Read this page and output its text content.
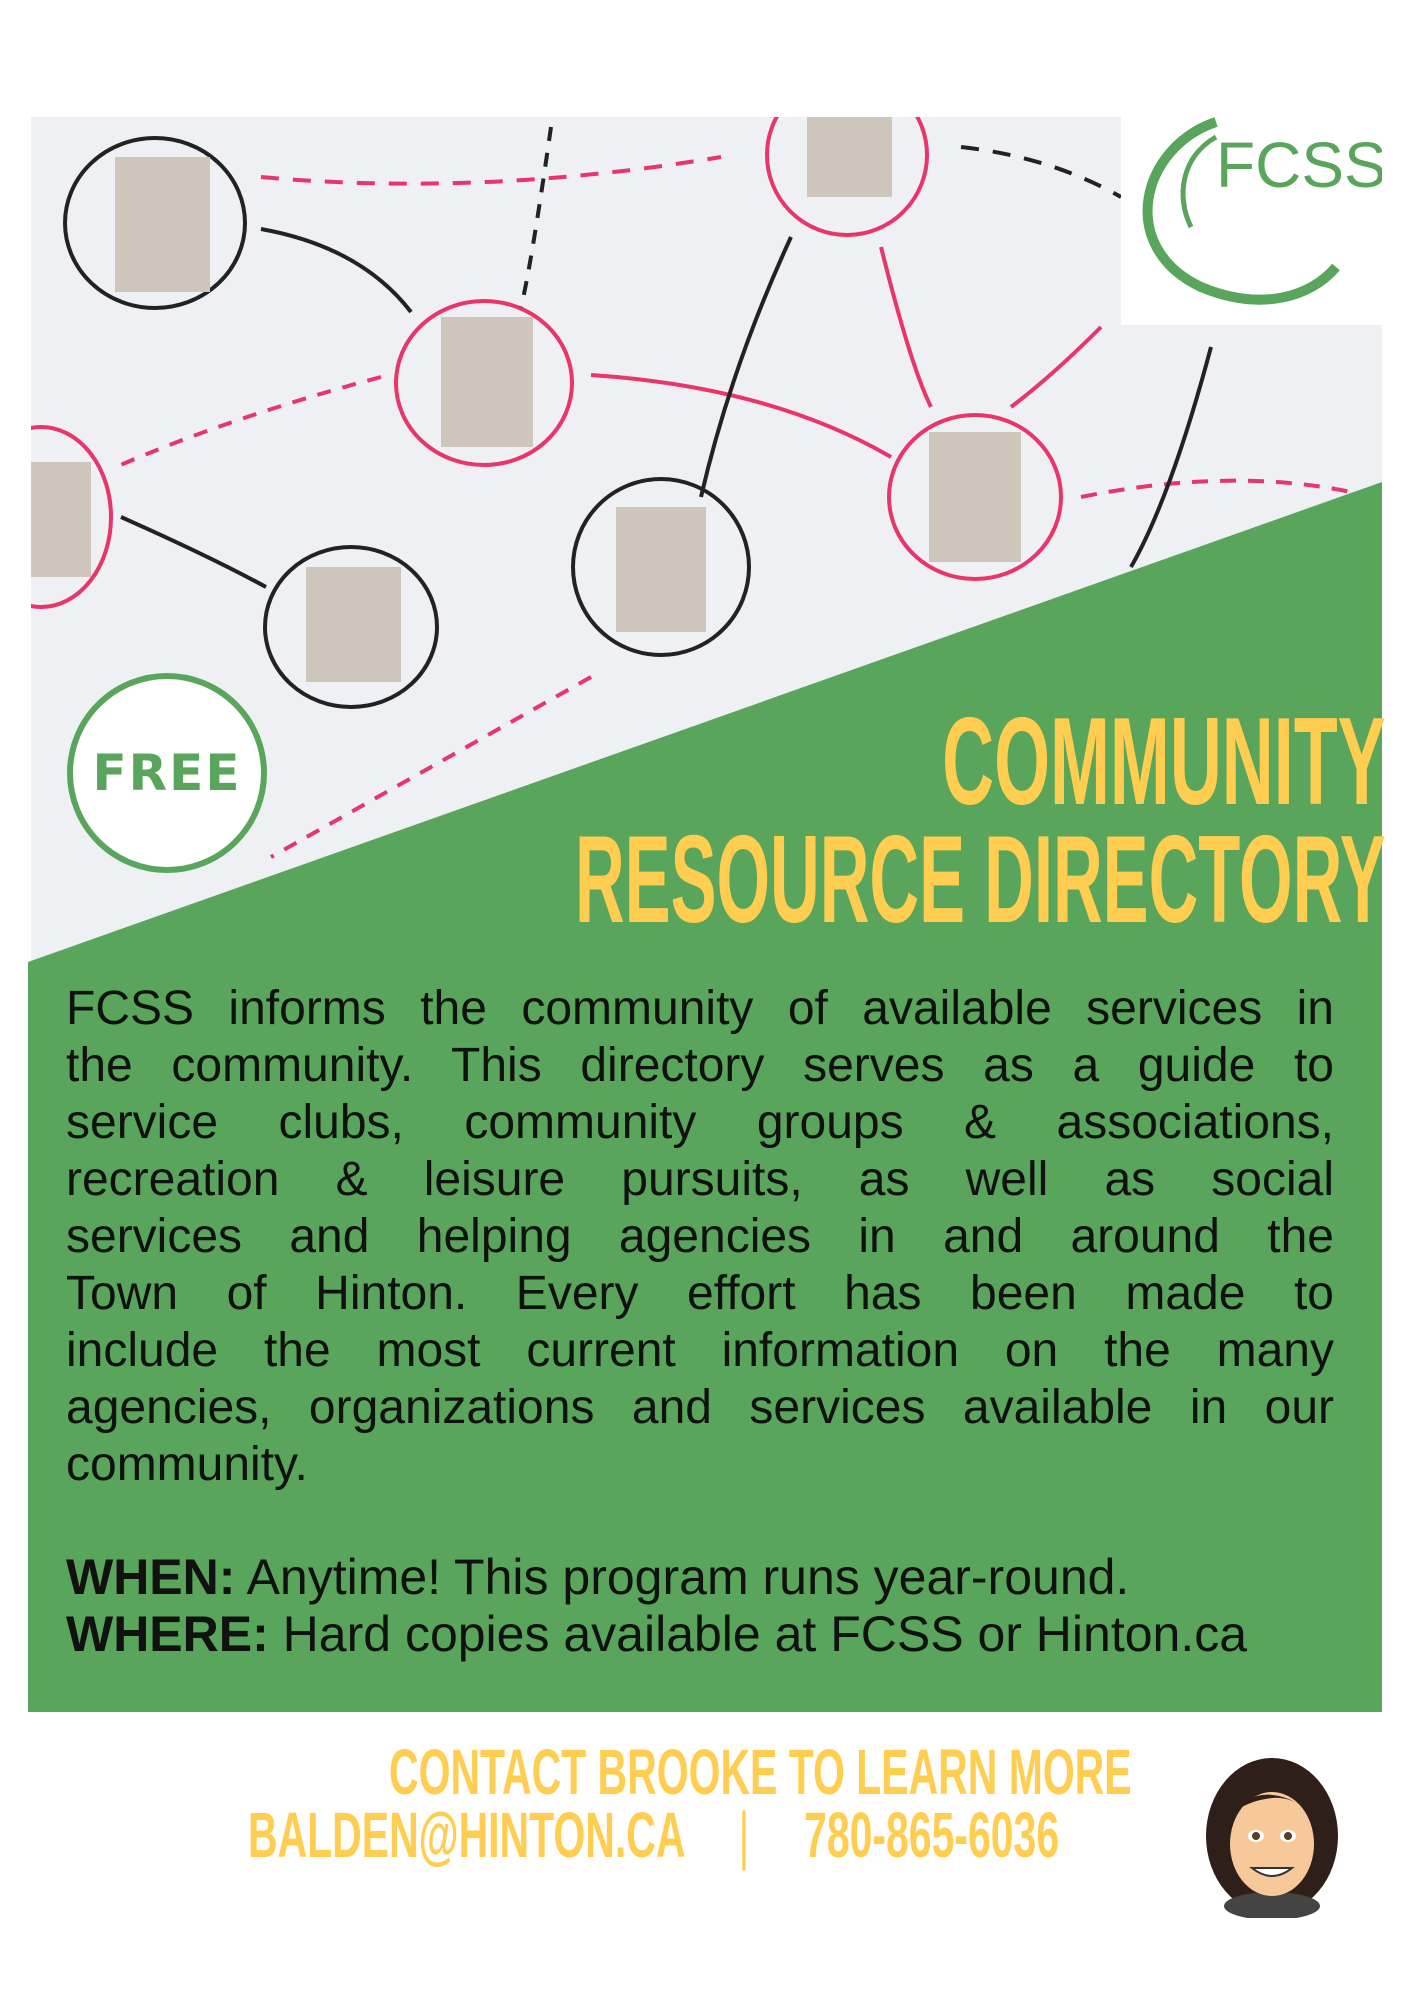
FCSS
FREE	COMMUNITY
RESOURCE DIRECTORY
FCSS informs the community of available services in
the community. This directory serves as a guide to
service clubs, community groups & associations,
recreation & leisure pursuits, as well as social
services and helping agencies in and around the
Town of Hinton. Every effort has been made to
include the most current information on the many
agencies, organizations and services available in our
community.
WHEN: Anytime! This program runs year-round.
WHERE: Hard copies available at FCSS or Hinton.ca
CONTACT BROOKE TO LEARN MORE
BALDEN@HINTON.CA | 780-865-6036
